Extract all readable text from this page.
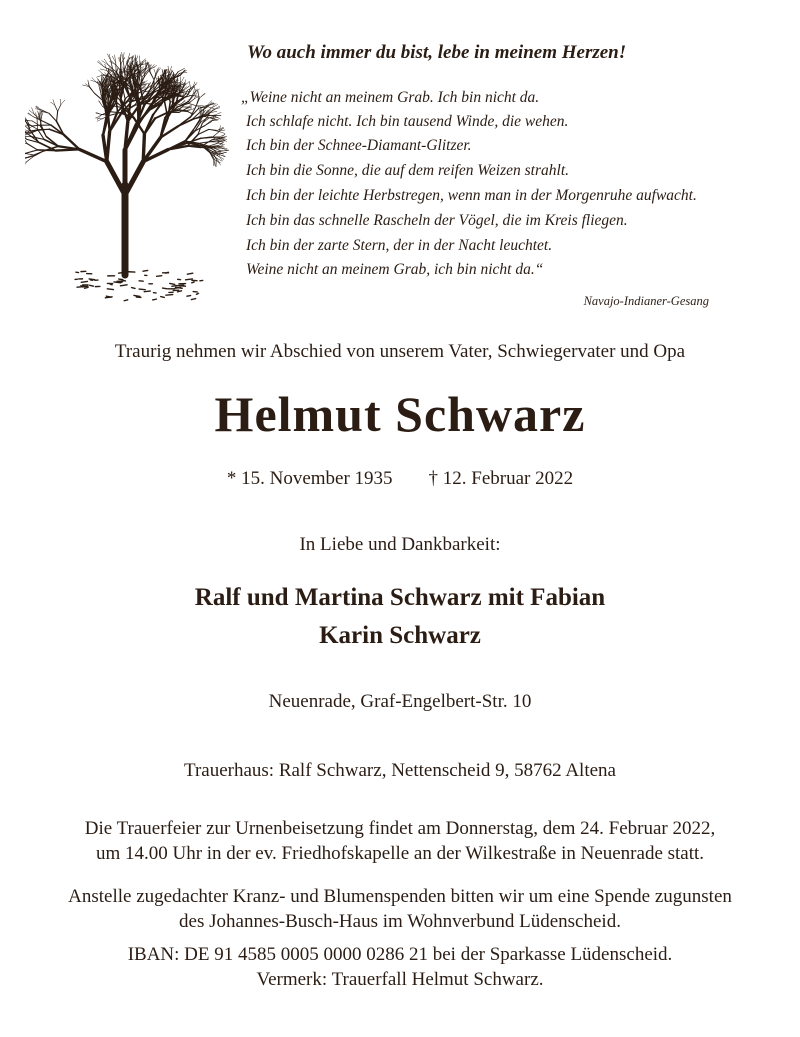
Wo auch immer du bist, lebe in meinem Herzen!
„Weine nicht an meinem Grab. Ich bin nicht da.
Ich schlafe nicht. Ich bin tausend Winde, die wehen.
Ich bin der Schnee-Diamant-Glitzer.
Ich bin die Sonne, die auf dem reifen Weizen strahlt.
Ich bin der leichte Herbstregen, wenn man in der Morgenruhe aufwacht.
Ich bin das schnelle Rascheln der Vögel, die im Kreis fliegen.
Ich bin der zarte Stern, der in der Nacht leuchtet.
Weine nicht an meinem Grab, ich bin nicht da.“
Navajo-Indianer-Gesang
Traurig nehmen wir Abschied von unserem Vater, Schwiegervater und Opa
Helmut Schwarz
* 15. November 1935 † 12. Februar 2022
In Liebe und Dankbarkeit:
Ralf und Martina Schwarz mit Fabian
Karin Schwarz
Neuenrade, Graf-Engelbert-Str. 10
Trauerhaus: Ralf Schwarz, Nettenscheid 9, 58762 Altena
Die Trauerfeier zur Urnenbeisetzung findet am Donnerstag, dem 24. Februar 2022,
um 14.00 Uhr in der ev. Friedhofskapelle an der Wilkestraße in Neuenrade statt.
Anstelle zugedachter Kranz- und Blumenspenden bitten wir um eine Spende zugunsten
des Johannes-Busch-Haus im Wohnverbund Lüdenscheid.
IBAN: DE 91 4585 0005 0000 0286 21 bei der Sparkasse Lüdenscheid.
Vermerk: Trauerfall Helmut Schwarz.
